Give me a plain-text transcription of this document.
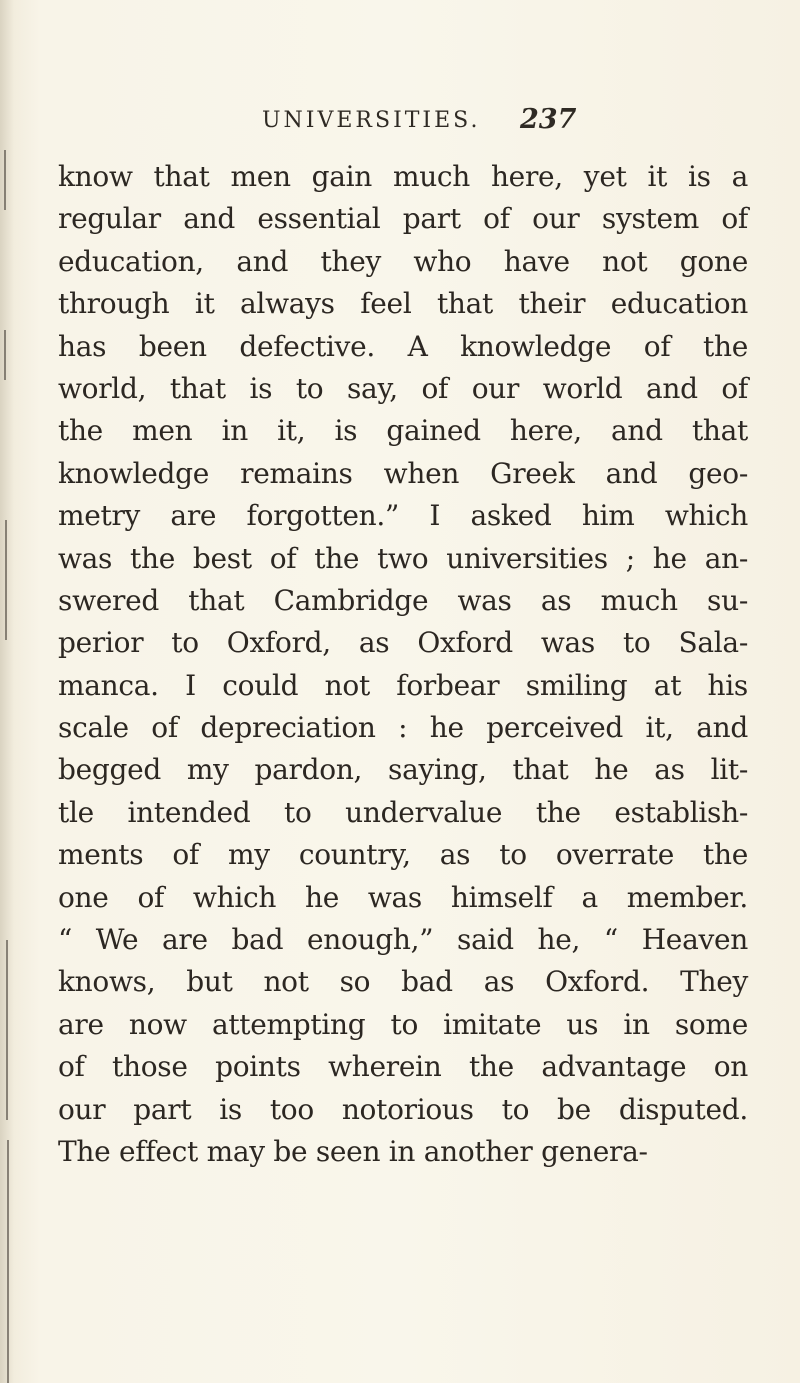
UNIVERSITIES. 237
know that men gain much here, yet it is a
regular and essential part of our system of
education, and they who have not gone
through it always feel that their education
has been defective. A knowledge of the
world, that is to say, of our world and of
the men in it, is gained here, and that
knowledge remains when Greek and geo-
metry are forgotten.” I asked him which
was the best of the two universities ; he an-
swered that Cambridge was as much su-
perior to Oxford, as Oxford was to Sala-
manca. I could not forbear smiling at his
scale of depreciation : he perceived it, and
begged my pardon, saying, that he as lit-
tle intended to undervalue the establish-
ments of my country, as to overrate the
one of which he was himself a member.
“ We are bad enough,” said he, “ Heaven
knows, but not so bad as Oxford. They
are now attempting to imitate us in some
of those points wherein the advantage on
our part is too notorious to be disputed.
The effect may be seen in another genera-
